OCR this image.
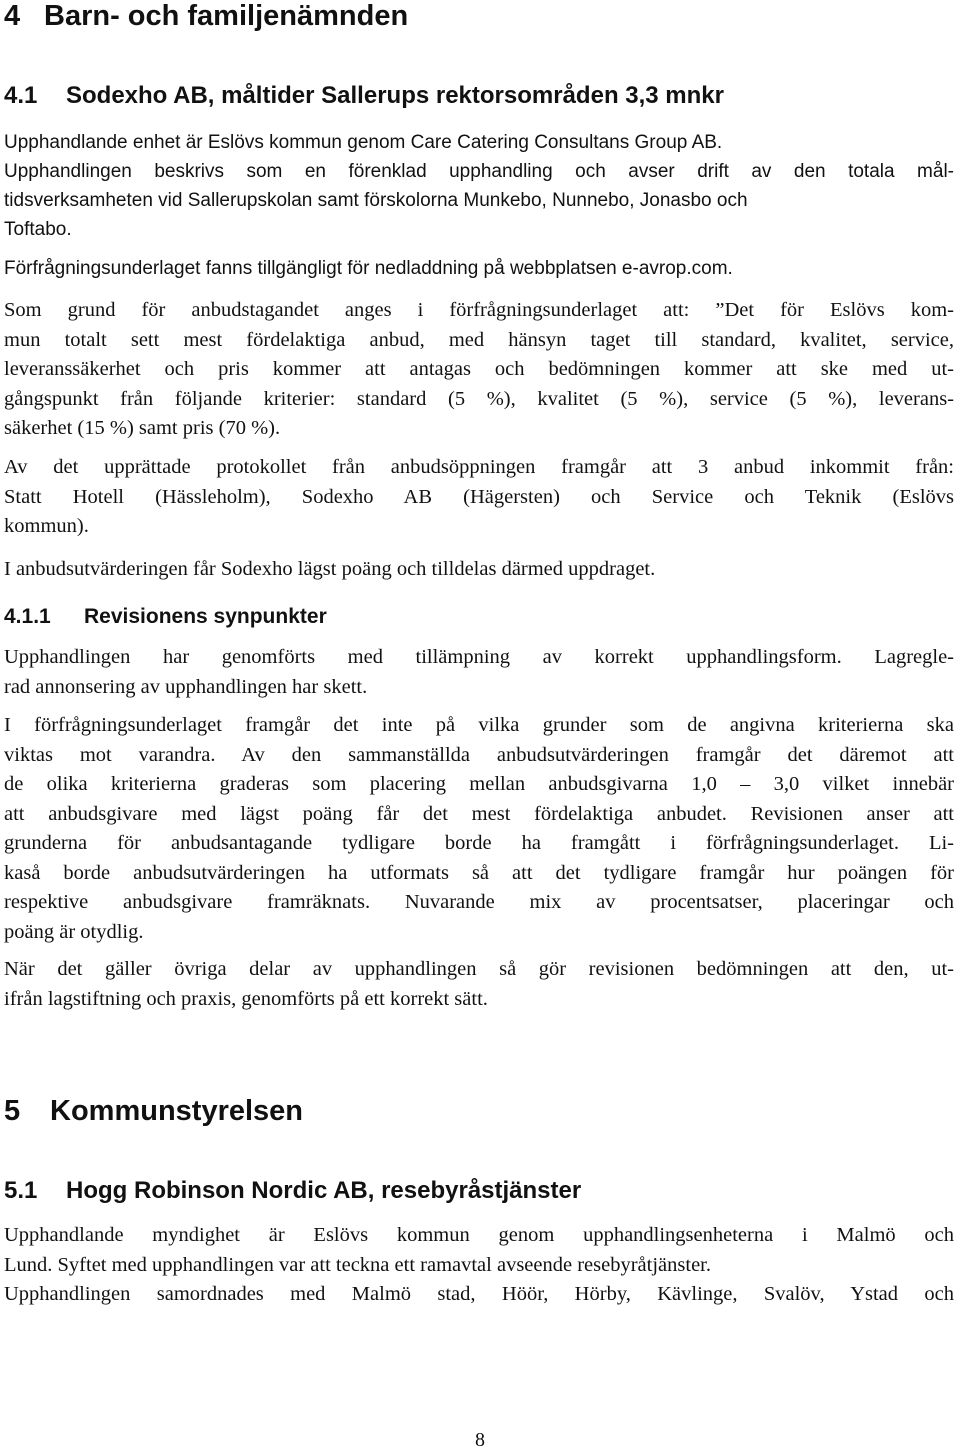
4 Barn- och familjenämnden
4.1 Sodexho AB, måltider Sallerups rektorsområden 3,3 mnkr
Upphandlande enhet är Eslövs kommun genom Care Catering Consultans Group AB.
Upphandlingen beskrivs som en förenklad upphandling och avser drift av den totala mål-
tidsverksamheten vid Sallerupskolan samt förskolorna Munkebo, Nunnebo, Jonasbo och
Toftabo.
Förfrågningsunderlaget fanns tillgängligt för nedladdning på webbplatsen e-avrop.com.
Som grund för anbudstagandet anges i förfrågningsunderlaget att: ”Det för Eslövs kom-
mun totalt sett mest fördelaktiga anbud, med hänsyn taget till standard, kvalitet, service,
leveranssäkerhet och pris kommer att antagas och bedömningen kommer att ske med ut-
gångspunkt från följande kriterier: standard (5 %), kvalitet (5 %), service (5 %), leverans-
säkerhet (15 %) samt pris (70 %).
Av det upprättade protokollet från anbudsöppningen framgår att 3 anbud inkommit från:
Statt Hotell (Hässleholm), Sodexho AB (Hägersten) och Service och Teknik (Eslövs
kommun).
I anbudsutvärderingen får Sodexho lägst poäng och tilldelas därmed uppdraget.
4.1.1 Revisionens synpunkter
Upphandlingen har genomförts med tillämpning av korrekt upphandlingsform. Lagregle-
rad annonsering av upphandlingen har skett.
I förfrågningsunderlaget framgår det inte på vilka grunder som de angivna kriterierna ska
viktas mot varandra. Av den sammanställda anbudsutvärderingen framgår det däremot att
de olika kriterierna graderas som placering mellan anbudsgivarna 1,0 – 3,0 vilket innebär
att anbudsgivare med lägst poäng får det mest fördelaktiga anbudet. Revisionen anser att
grunderna för anbudsantagande tydligare borde ha framgått i förfrågningsunderlaget. Li-
kaså borde anbudsutvärderingen ha utformats så att det tydligare framgår hur poängen för
respektive anbudsgivare framräknats. Nuvarande mix av procentsatser, placeringar och
poäng är otydlig.
När det gäller övriga delar av upphandlingen så gör revisionen bedömningen att den, ut-
ifrån lagstiftning och praxis, genomförts på ett korrekt sätt.
5 Kommunstyrelsen
5.1 Hogg Robinson Nordic AB, resebyråstjänster
Upphandlande myndighet är Eslövs kommun genom upphandlingsenheterna i Malmö och
Lund. Syftet med upphandlingen var att teckna ett ramavtal avseende resebyråtjänster.
Upphandlingen samordnades med Malmö stad, Höör, Hörby, Kävlinge, Svalöv, Ystad och
8
